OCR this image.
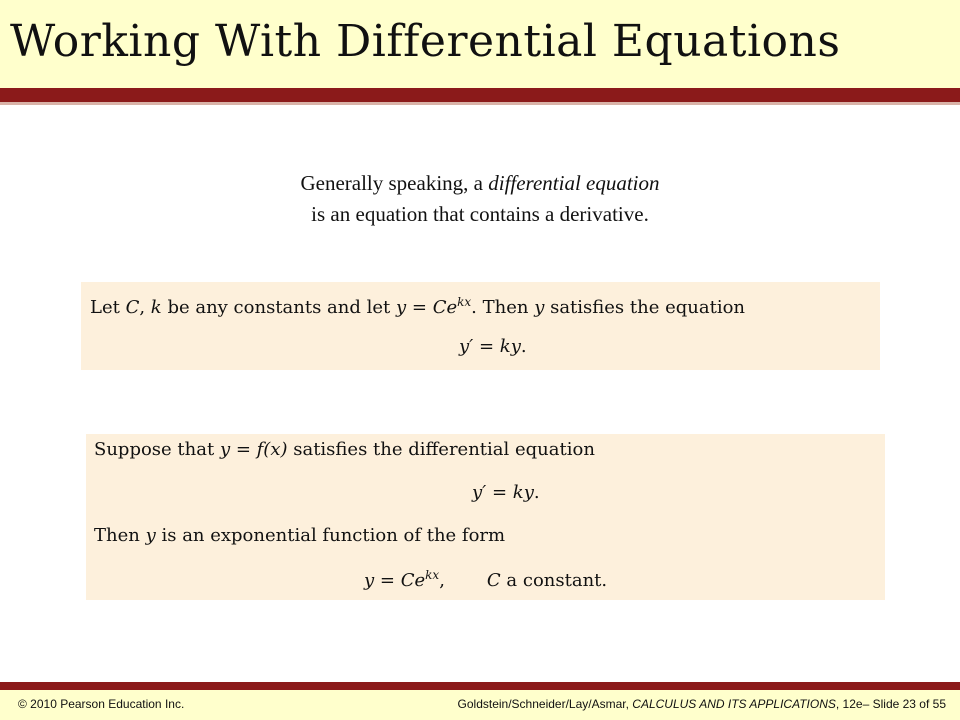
Working With Differential Equations
Generally speaking, a differential equation
is an equation that contains a derivative.
Let C, k be any constants and let $y = Ce^{kx}$. Then y satisfies the equation
y′ = ky.
Suppose that y = f(x) satisfies the differential equation
y′ = ky.
Then y is an exponential function of the form
$y = Ce^{kx}$, C a constant.
© 2010 Pearson Education Inc.	Goldstein/Schneider/Lay/Asmar, CALCULUS AND ITS APPLICATIONS, 12e– Slide 23 of 55
